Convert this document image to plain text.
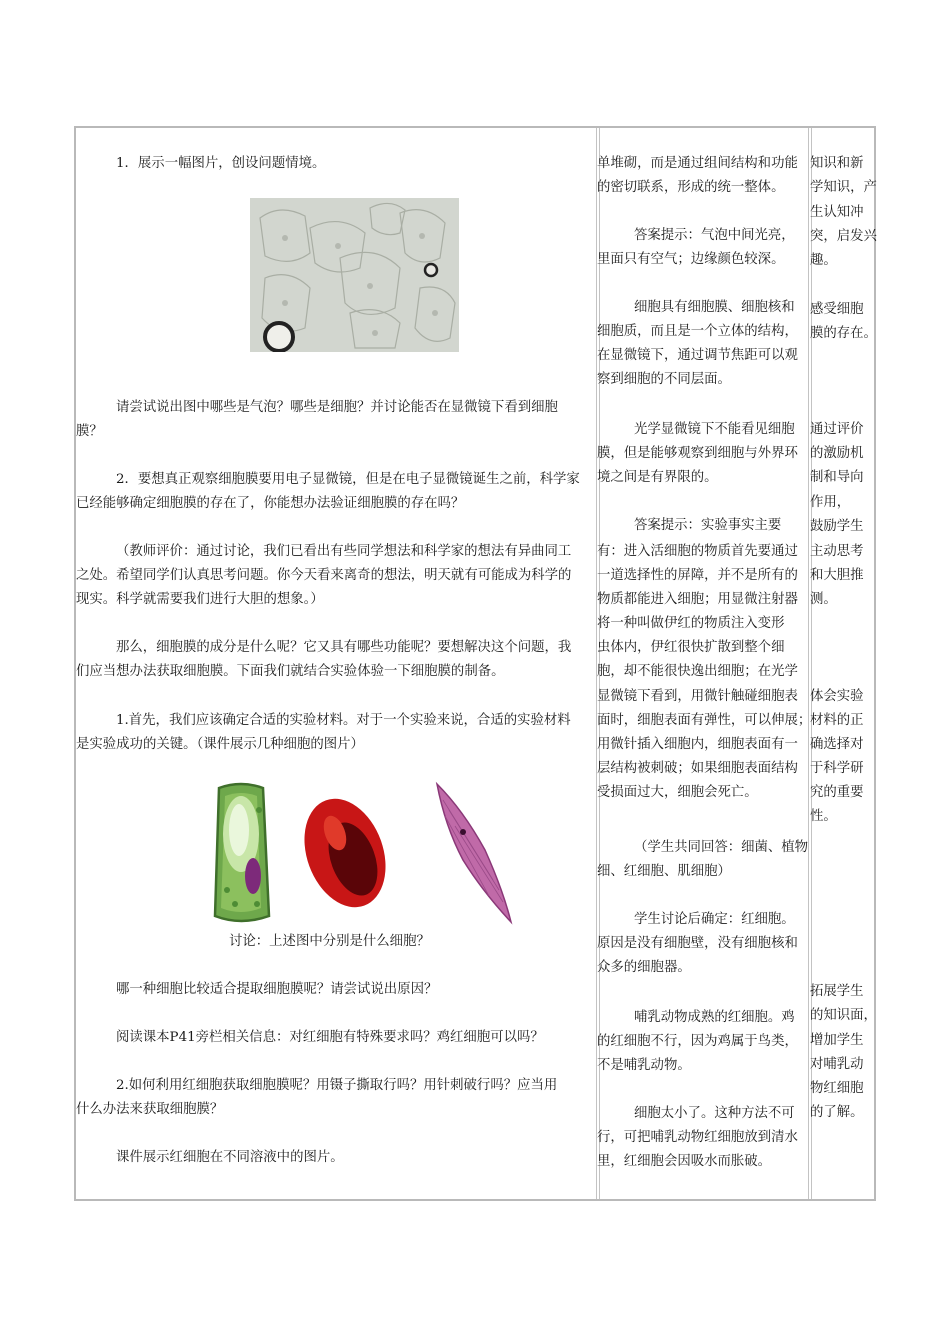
1．展示一幅图片，创设问题情境。
请尝试说出图中哪些是气泡？哪些是细胞？并讨论能否在显微镜下看到细胞
膜？
2．要想真正观察细胞膜要用电子显微镜，但是在电子显微镜诞生之前，科学家
已经能够确定细胞膜的存在了，你能想办法验证细胞膜的存在吗？
（教师评价：通过讨论，我们已看出有些同学想法和科学家的想法有异曲同工
之处。希望同学们认真思考问题。你今天看来离奇的想法，明天就有可能成为科学的
现实。科学就需要我们进行大胆的想象。）
那么，细胞膜的成分是什么呢？它又具有哪些功能呢？要想解决这个问题，我
们应当想办法获取细胞膜。下面我们就结合实验体验一下细胞膜的制备。
1.首先，我们应该确定合适的实验材料。对于一个实验来说，合适的实验材料
是实验成功的关键。（课件展示几种细胞的图片）
讨论：上述图中分别是什么细胞？
哪一种细胞比较适合提取细胞膜呢？请尝试说出原因？
阅读课本P41旁栏相关信息：对红细胞有特殊要求吗？鸡红细胞可以吗？
2.如何利用红细胞获取细胞膜呢？用镊子撕取行吗？用针刺破行吗？应当用
什么办法来获取细胞膜？
课件展示红细胞在不同溶液中的图片。
单堆砌，而是通过组间结构和功能
的密切联系，形成的统一整体。
答案提示：气泡中间光亮，
里面只有空气；边缘颜色较深。
细胞具有细胞膜、细胞核和
细胞质，而且是一个立体的结构，
在显微镜下，通过调节焦距可以观
察到细胞的不同层面。
光学显微镜下不能看见细胞
膜，但是能够观察到细胞与外界环
境之间是有界限的。
答案提示：实验事实主要
有：进入活细胞的物质首先要通过
一道选择性的屏障，并不是所有的
物质都能进入细胞；用显微注射器
将一种叫做伊红的物质注入变形
虫体内，伊红很快扩散到整个细
胞，却不能很快逸出细胞；在光学
显微镜下看到，用微针触碰细胞表
面时，细胞表面有弹性，可以伸展；
用微针插入细胞内，细胞表面有一
层结构被刺破；如果细胞表面结构
受损面过大，细胞会死亡。
（学生共同回答：细菌、植物
细、红细胞、肌细胞）
学生讨论后确定：红细胞。
原因是没有细胞壁，没有细胞核和
众多的细胞器。
哺乳动物成熟的红细胞。鸡
的红细胞不行，因为鸡属于鸟类，
不是哺乳动物。
细胞太小了。这种方法不可
行，可把哺乳动物红细胞放到清水
里，红细胞会因吸水而胀破。
知识和新
学知识，产
生认知冲
突，启发兴
趣。
感受细胞
膜的存在。
通过评价
的激励机
制和导向
作用，
鼓励学生
主动思考
和大胆推
测。
体会实验
材料的正
确选择对
于科学研
究的重要
性。
拓展学生
的知识面，
增加学生
对哺乳动
物红细胞
的了解。
